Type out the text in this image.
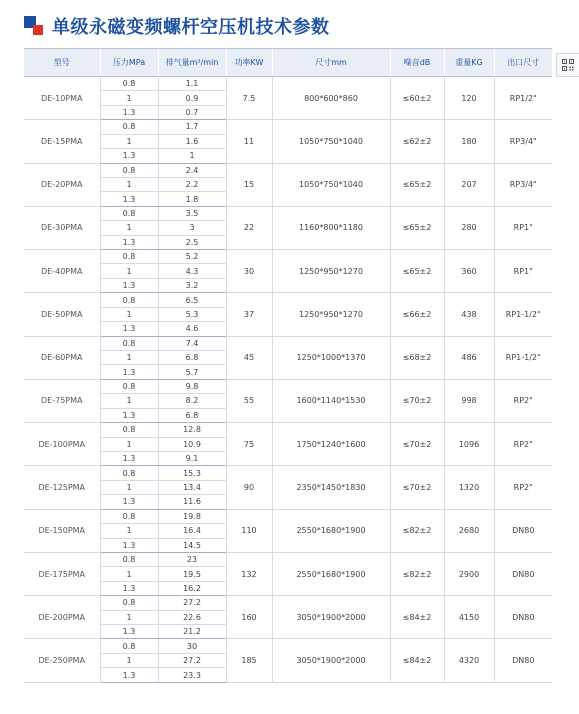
单级永磁变频螺杆空压机技术参数
型号	压力MPa	排气量m³/min	功率KW	尺寸mm	噪音dB	重量KG	出口尺寸
DE-10PMA	0.8	1.1	7.5	800*600*860	≤60±2	120	RP1/2"
	1	0.9					
	1.3	0.7					
DE-15PMA	0.8	1.7	11	1050*750*1040	≤62±2	180	RP3/4"
	1	1.6					
	1.3	1					
DE-20PMA	0.8	2.4	15	1050*750*1040	≤65±2	207	RP3/4"
	1	2.2					
	1.3	1.8					
DE-30PMA	0.8	3.5	22	1160*800*1180	≤65±2	280	RP1"
	1	3					
	1.3	2.5					
DE-40PMA	0.8	5.2	30	1250*950*1270	≤65±2	360	RP1"
	1	4.3					
	1.3	3.2					
DE-50PMA	0.8	6.5	37	1250*950*1270	≤66±2	438	RP1-1/2"
	1	5.3					
	1.3	4.6					
DE-60PMA	0.8	7.4	45	1250*1000*1370	≤68±2	486	RP1-1/2"
	1	6.8					
	1.3	5.7					
DE-75PMA	0.8	9.8	55	1600*1140*1530	≤70±2	998	RP2"
	1	8.2					
	1.3	6.8					
DE-100PMA	0.8	12.8	75	1750*1240*1600	≤70±2	1096	RP2"
	1	10.9					
	1.3	9.1					
DE-125PMA	0.8	15.3	90	2350*1450*1830	≤70±2	1320	RP2"
	1	13.4					
	1.3	11.6					
DE-150PMA	0.8	19.8	110	2550*1680*1900	≤82±2	2680	DN80
	1	16.4					
	1.3	14.5					
DE-175PMA	0.8	23	132	2550*1680*1900	≤82±2	2900	DN80
	1	19.5					
	1.3	16.2					
DE-200PMA	0.8	27.2	160	3050*1900*2000	≤84±2	4150	DN80
	1	22.6					
	1.3	21.2					
DE-250PMA	0.8	30	185	3050*1900*2000	≤84±2	4320	DN80
	1	27.2					
	1.3	23.3					
